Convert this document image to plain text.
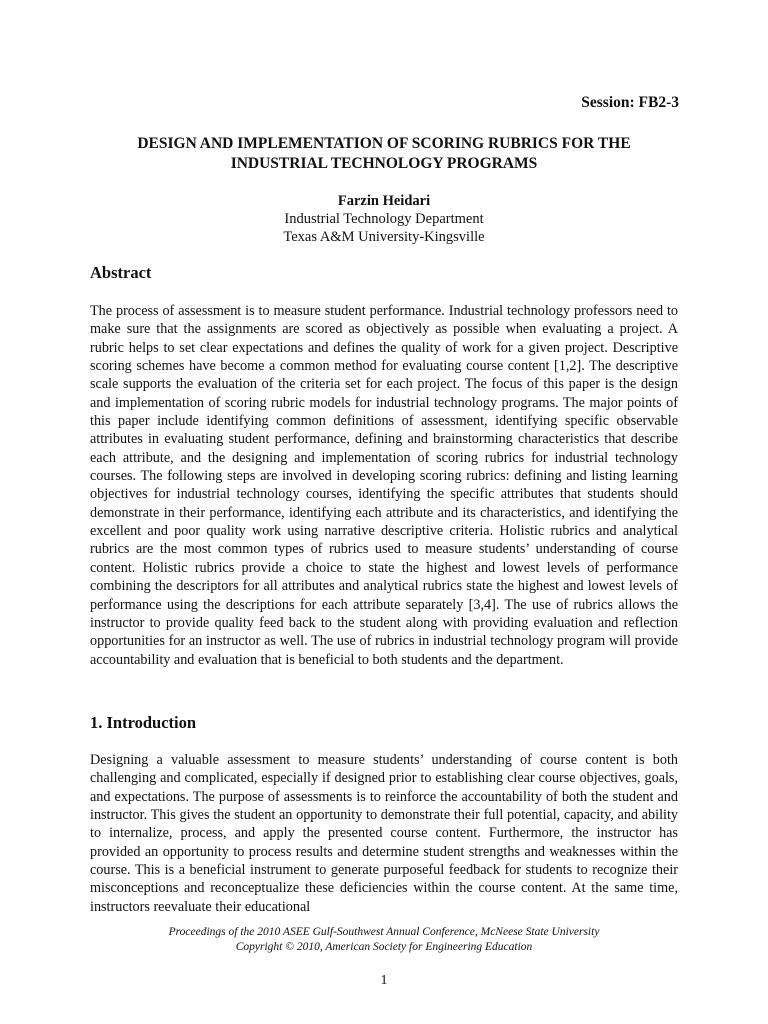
Session: FB2-3

DESIGN AND IMPLEMENTATION OF SCORING RUBRICS FOR THE
INDUSTRIAL TECHNOLOGY PROGRAMS
Farzin Heidari
Industrial Technology Department
Texas A&M University-Kingsville
Abstract

The process of assessment is to measure student performance. Industrial technology professors need to make sure that the assignments are scored as objectively as possible when evaluating a project. A rubric helps to set clear expectations and defines the quality of work for a given project. Descriptive scoring schemes have become a common method for evaluating course content [1,2]. The descriptive scale supports the evaluation of the criteria set for each project. The focus of this paper is the design and implementation of scoring rubric models for industrial technology programs. The major points of this paper include identifying common definitions of assessment, identifying specific observable attributes in evaluating student performance, defining and brainstorming characteristics that describe each attribute, and the designing and implementation of scoring rubrics for industrial technology courses. The following steps are involved in developing scoring rubrics: defining and listing learning objectives for industrial technology courses, identifying the specific attributes that students should demonstrate in their performance, identifying each attribute and its characteristics, and identifying the excellent and poor quality work using narrative descriptive criteria. Holistic rubrics and analytical rubrics are the most common types of rubrics used to measure students’ understanding of course content. Holistic rubrics provide a choice to state the highest and lowest levels of performance combining the descriptors for all attributes and analytical rubrics state the highest and lowest levels of performance using the descriptions for each attribute separately [3,4]. The use of rubrics allows the instructor to provide quality feed back to the student along with providing evaluation and reflection opportunities for an instructor as well. The use of rubrics in industrial technology program will provide accountability and evaluation that is beneficial to both students and the department.

1. Introduction

Designing a valuable assessment to measure students’ understanding of course content is both challenging and complicated, especially if designed prior to establishing clear course objectives, goals, and expectations. The purpose of assessments is to reinforce the accountability of both the student and instructor. This gives the student an opportunity to demonstrate their full potential, capacity, and ability to internalize, process, and apply the presented course content. Furthermore, the instructor has provided an opportunity to process results and determine student strengths and weaknesses within the course. This is a beneficial instrument to generate purposeful feedback for students to recognize their misconceptions and reconceptualize these deficiencies within the course content. At the same time, instructors reevaluate their educational

Proceedings of the 2010 ASEE Gulf-Southwest Annual Conference, McNeese State University
Copyright © 2010, American Society for Engineering Education
1
